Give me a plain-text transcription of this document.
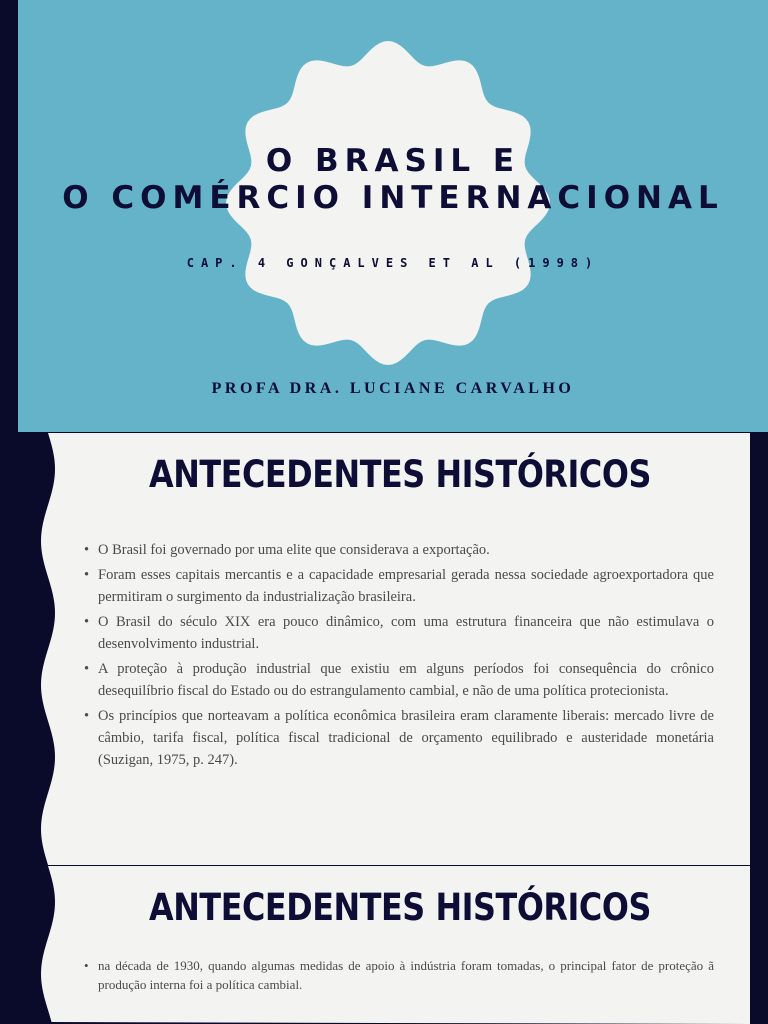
O BRASIL E
O COMÉRCIO INTERNACIONAL
CAP. 4 GONÇALVES ET AL (1998)
PROFA DRA. LUCIANE CARVALHO
ANTECEDENTES HISTÓRICOS
• O Brasil foi governado por uma elite que considerava a exportação.
• Foram esses capitais mercantis e a capacidade empresarial gerada nessa sociedade agroexportadora que permitiram o surgimento da industrialização brasileira.
• O Brasil do século XIX era pouco dinâmico, com uma estrutura financeira que não estimulava o desenvolvimento industrial.
• A proteção à produção industrial que existiu em alguns períodos foi consequência do crônico desequilíbrio fiscal do Estado ou do estrangulamento cambial, e não de uma política protecionista.
• Os princípios que norteavam a política econômica brasileira eram claramente liberais: mercado livre de câmbio, tarifa fiscal, política fiscal tradicional de orçamento equilibrado e austeridade monetária (Suzigan, 1975, p. 247).
ANTECEDENTES HISTÓRICOS
• na década de 1930, quando algumas medidas de apoio à indústria foram tomadas, o principal fator de proteção ã produção interna foi a política cambial.
